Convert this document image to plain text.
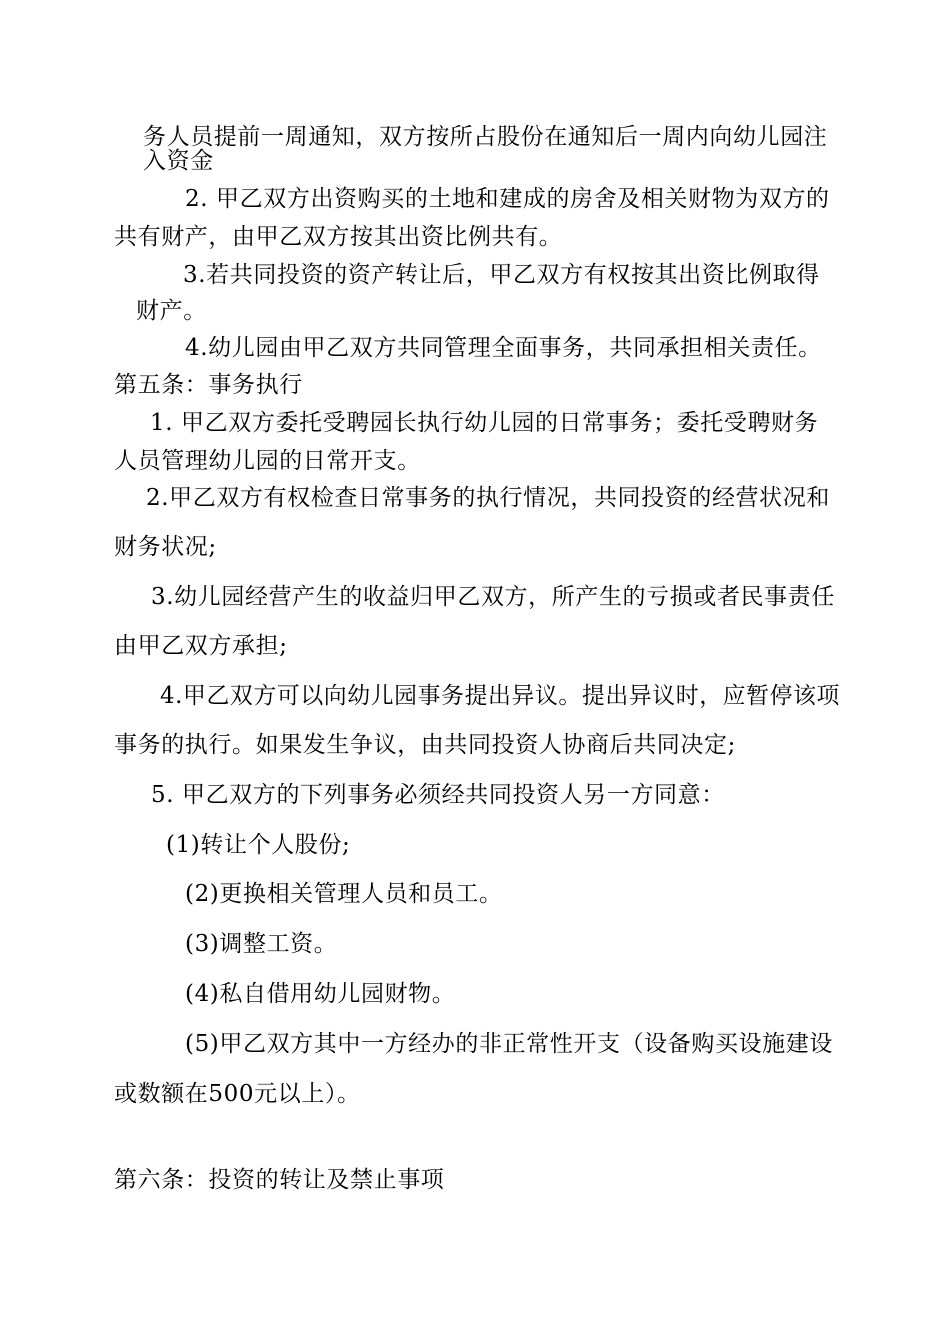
务人员提前一周通知，双方按所占股份在通知后一周内向幼儿园注
入资金
2. 甲乙双方出资购买的土地和建成的房舍及相关财物为双方的
共有财产，由甲乙双方按其出资比例共有。
3.若共同投资的资产转让后，甲乙双方有权按其出资比例取得
财产。
4.幼儿园由甲乙双方共同管理全面事务，共同承担相关责任。
第五条：事务执行
1. 甲乙双方委托受聘园长执行幼儿园的日常事务；委托受聘财务
人员管理幼儿园的日常开支。
2.甲乙双方有权检查日常事务的执行情况，共同投资的经营状况和
财务状况;
3.幼儿园经营产生的收益归甲乙双方，所产生的亏损或者民事责任
由甲乙双方承担;
4.甲乙双方可以向幼儿园事务提出异议。提出异议时，应暂停该项
事务的执行。如果发生争议，由共同投资人协商后共同决定;
5. 甲乙双方的下列事务必须经共同投资人另一方同意：
(1)转让个人股份;
(2)更换相关管理人员和员工。
(3)调整工资。
(4)私自借用幼儿园财物。
(5)甲乙双方其中一方经办的非正常性开支（设备购买设施建设
或数额在500元以上）。
第六条：投资的转让及禁止事项
